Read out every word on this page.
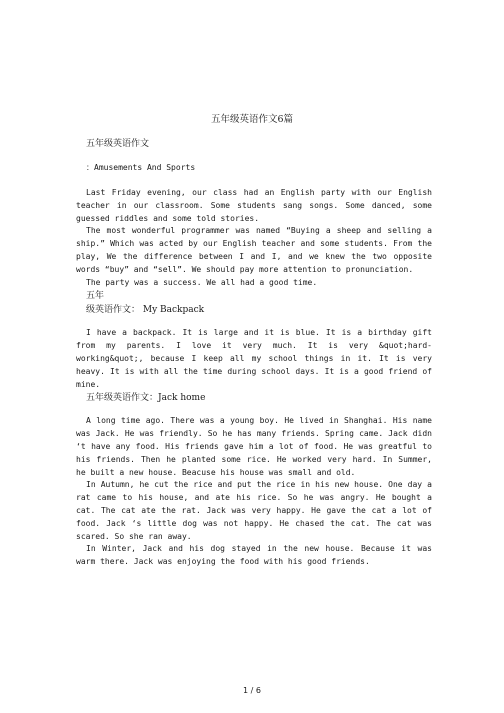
五年级英语作文6篇
五年级英语作文
：Amusements And Sports

Last Friday evening, our class had an English party with our English teacher in our classroom. Some students sang songs. Some danced, some guessed riddles and some told stories.

The most wonderful programmer was named “Buying a sheep and selling a ship.” Which was acted by our English teacher and some students. From the play, We the difference between I and I, and we knew the two opposite words “buy” and “sell”. We should pay more attention to pronunciation.

The party was a success. We all had a good time.

五年
级英语作文： My Backpack

I have a backpack. It is large and it is blue. It is a birthday gift from my parents. I love it very much. It is very &quot;hard-working&quot;, because I keep all my school things in it. It is very heavy. It is with all the time during school days. It is a good friend of mine.

五年级英语作文：Jack home

A long time ago. There was a young boy. He lived in Shanghai. His name was Jack. He was friendly. So he has many friends. Spring came. Jack didn ‘t have any food. His friends gave him a lot of food. He was greatful to his friends. Then he planted some rice. He worked very hard. In Summer, he built a new house. Beacuse his house was small and old.

In Autumn, he cut the rice and put the rice in his new house. One day a rat came to his house, and ate his rice. So he was angry. He bought a cat. The cat ate the rat. Jack was very happy. He gave the cat a lot of food. Jack ‘s little dog was not happy. He chased the cat. The cat was scared. So she ran away.

In Winter, Jack and his dog stayed in the new house. Because it was warm there. Jack was enjoying the food with his good friends.

1 / 6
